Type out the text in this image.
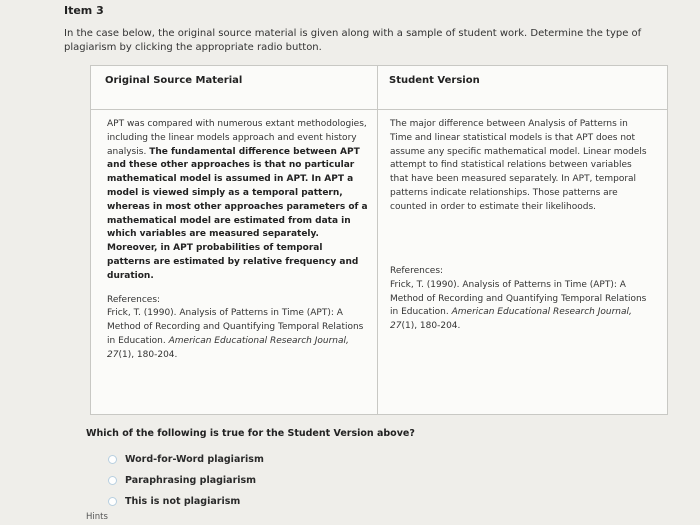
Item 3
In the case below, the original source material is given along with a sample of student work. Determine the type of plagiarism by clicking the appropriate radio button.
Original Source Material	Student Version
APT was compared with numerous extant methodologies, including the linear models approach and event history analysis. The fundamental difference between APT and these other approaches is that no particular mathematical model is assumed in APT. In APT a model is viewed simply as a temporal pattern, whereas in most other approaches parameters of a mathematical model are estimated from data in which variables are measured separately. Moreover, in APT probabilities of temporal patterns are estimated by relative frequency and duration.
References:
Frick, T. (1990). Analysis of Patterns in Time (APT): A Method of Recording and Quantifying Temporal Relations in Education. American Educational Research Journal, 27(1), 180-204.
The major difference between Analysis of Patterns in Time and linear statistical models is that APT does not assume any specific mathematical model. Linear models attempt to find statistical relations between variables that have been measured separately. In APT, temporal patterns indicate relationships. Those patterns are counted in order to estimate their likelihoods.
References:
Frick, T. (1990). Analysis of Patterns in Time (APT): A Method of Recording and Quantifying Temporal Relations in Education. American Educational Research Journal, 27(1), 180-204.
Which of the following is true for the Student Version above?
Word-for-Word plagiarism
Paraphrasing plagiarism
This is not plagiarism
Hints
